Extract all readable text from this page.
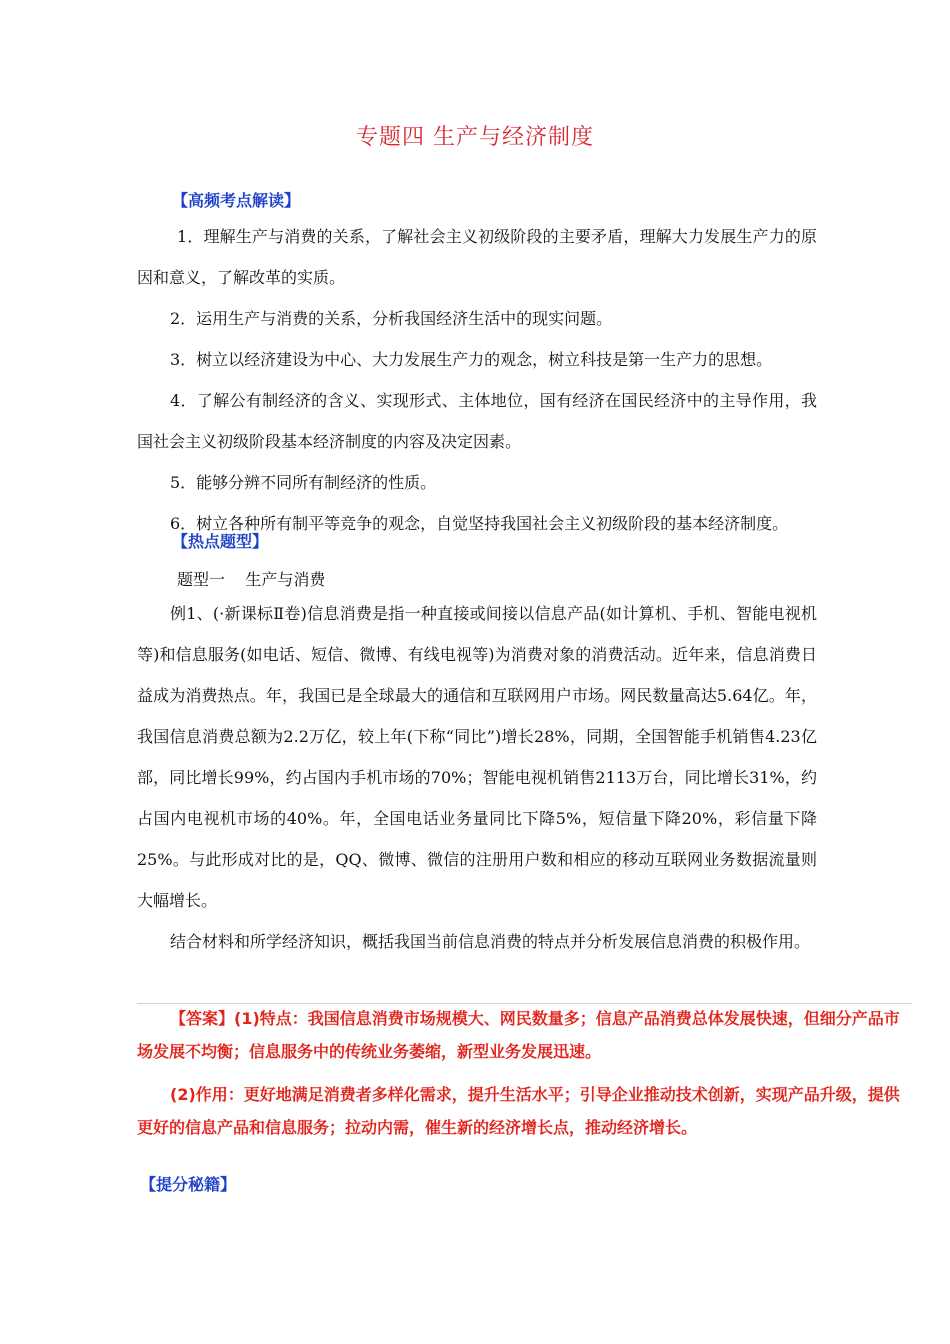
专题四 生产与经济制度
【高频考点解读】

1．理解生产与消费的关系，了解社会主义初级阶段的主要矛盾，理解大力发展生产力的原因和意义，了解改革的实质。

2．运用生产与消费的关系，分析我国经济生活中的现实问题。

3．树立以经济建设为中心、大力发展生产力的观念，树立科技是第一生产力的思想。

4．了解公有制经济的含义、实现形式、主体地位，国有经济在国民经济中的主导作用，我国社会主义初级阶段基本经济制度的内容及决定因素。

5．能够分辨不同所有制经济的性质。

6．树立各种所有制平等竞争的观念，自觉坚持我国社会主义初级阶段的基本经济制度。

【热点题型】
题型一    生产与消费

例1、(·新课标Ⅱ卷)信息消费是指一种直接或间接以信息产品(如计算机、手机、智能电视机等)和信息服务(如电话、短信、微博、有线电视等)为消费对象的消费活动。近年来，信息消费日益成为消费热点。年，我国已是全球最大的通信和互联网用户市场。网民数量高达5.64亿。年，我国信息消费总额为2.2万亿，较上年(下称“同比”)增长28%，同期，全国智能手机销售4.23亿部，同比增长99%，约占国内手机市场的70%；智能电视机销售2113万台，同比增长31%，约占国内电视机市场的40%。年，全国电话业务量同比下降5%，短信量下降20%，彩信量下降25%。与此形成对比的是，QQ、微博、微信的注册用户数和相应的移动互联网业务数据流量则大幅增长。

结合材料和所学经济知识，概括我国当前信息消费的特点并分析发展信息消费的积极作用。

【答案】(1)特点：我国信息消费市场规模大、网民数量多；信息产品消费总体发展快速，但细分产品市场发展不均衡；信息服务中的传统业务萎缩，新型业务发展迅速。

(2)作用：更好地满足消费者多样化需求，提升生活水平；引导企业推动技术创新，实现产品升级，提供更好的信息产品和信息服务；拉动内需，催生新的经济增长点，推动经济增长。

【提分秘籍】
